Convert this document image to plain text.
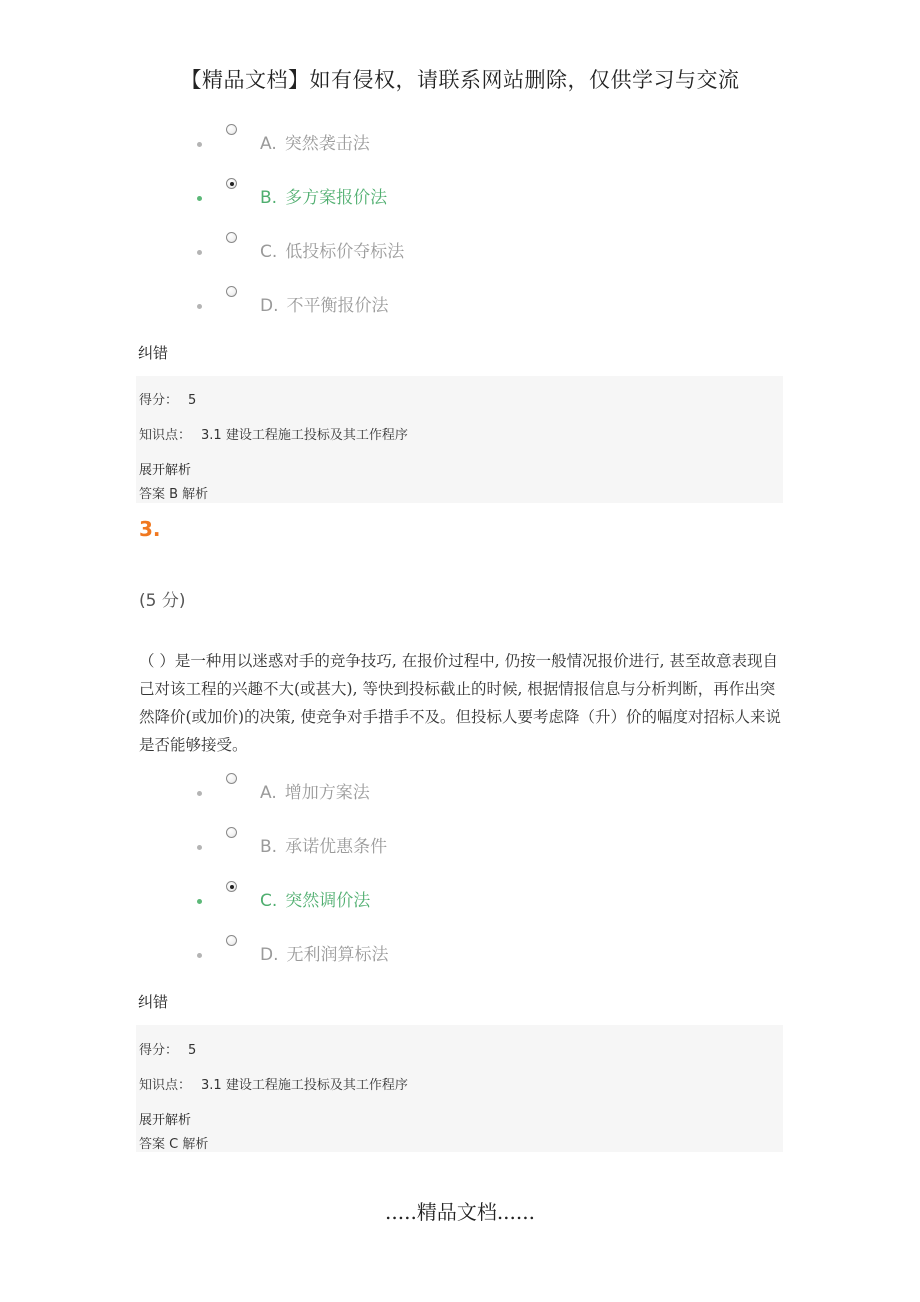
【精品文档】如有侵权，请联系网站删除，仅供学习与交流
A. 突然袭击法
B. 多方案报价法
C. 低投标价夺标法
D. 不平衡报价法
纠错
得分： 5
知识点： 3.1 建设工程施工投标及其工作程序
展开解析
答案 B 解析
3.
(5 分)

（ ）是一种用以迷惑对手的竞争技巧, 在报价过程中, 仍按一般情况报价进行, 甚至故意表现自己对该工程的兴趣不大(或甚大), 等快到投标截止的时候, 根据情报信息与分析判断，再作出突然降价(或加价)的决策, 使竞争对手措手不及。但投标人要考虑降（升）价的幅度对招标人来说是否能够接受。

A. 增加方案法
B. 承诺优惠条件
C. 突然调价法
D. 无利润算标法
纠错
得分： 5
知识点： 3.1 建设工程施工投标及其工作程序
展开解析
答案 C 解析
.....精品文档......
